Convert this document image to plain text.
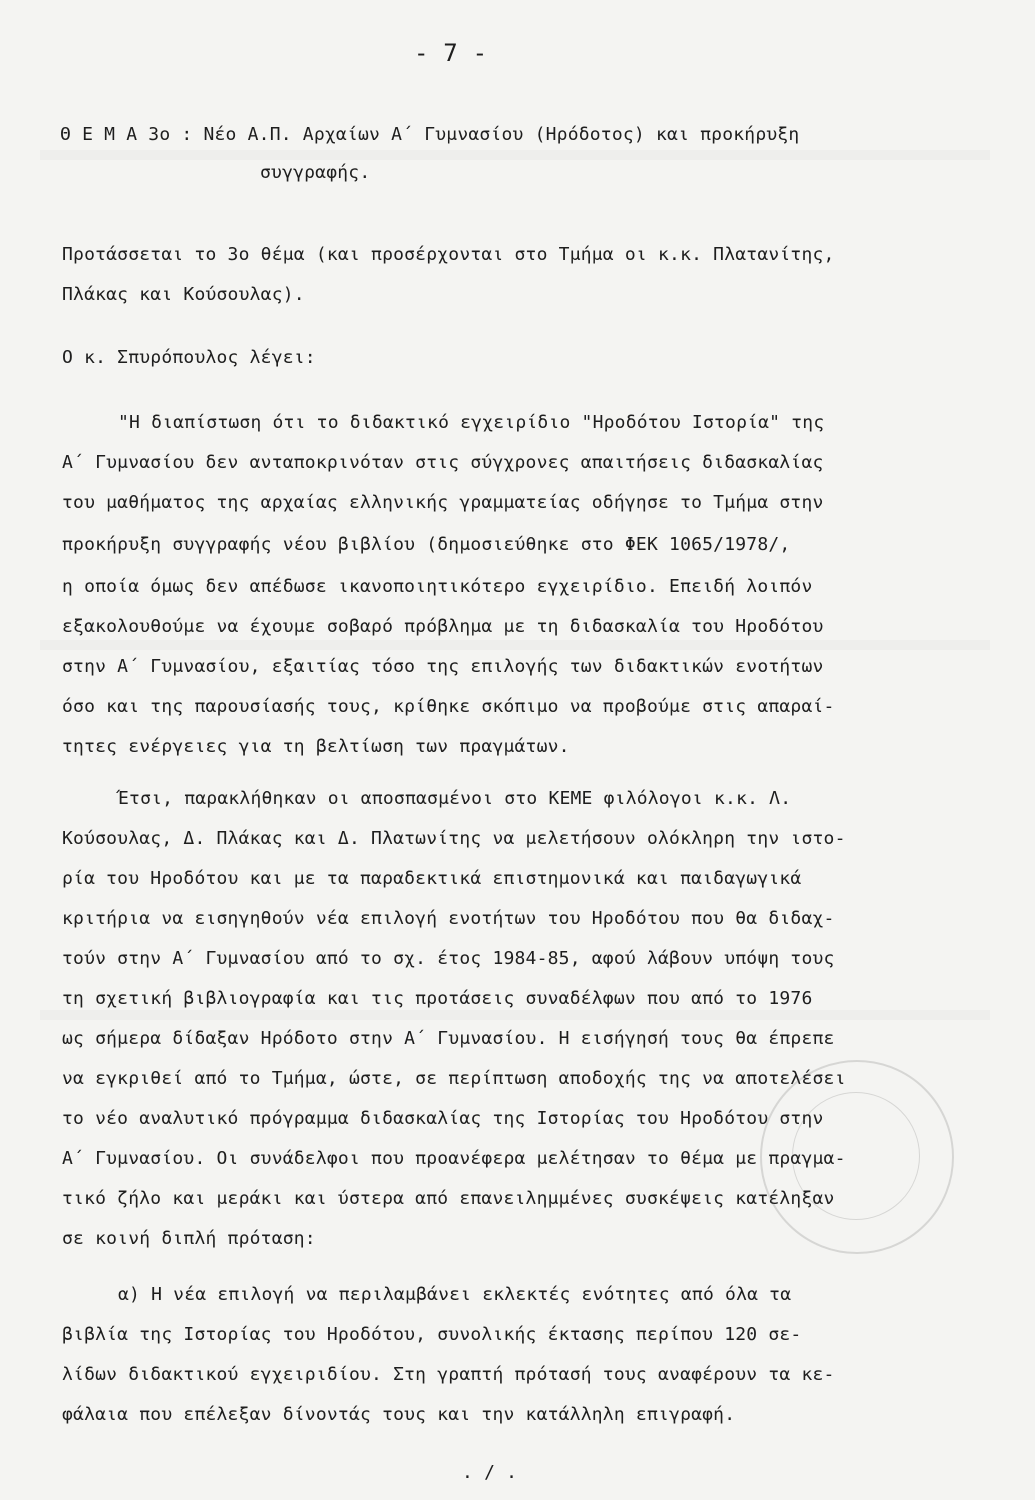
- 7 -
Θ Ε Μ Α 3ο : Νέο Α.Π. Αρχαίων Α΄ Γυμνασίου (Ηρόδοτος) και προκήρυξη
συγγραφής.
Προτάσσεται το 3ο θέμα (και προσέρχονται στο Τμήμα οι κ.κ. Πλατανίτης,
Πλάκας και Κούσουλας).
Ο κ. Σπυρόπουλος λέγει:
"Η διαπίστωση ότι το διδακτικό εγχειρίδιο "Ηροδότου Ιστορία" της
Α΄ Γυμνασίου δεν ανταποκρινόταν στις σύγχρονες απαιτήσεις διδασκαλίας
του μαθήματος της αρχαίας ελληνικής γραμματείας οδήγησε το Τμήμα στην
προκήρυξη συγγραφής νέου βιβλίου (δημοσιεύθηκε στο ΦΕΚ 1065/1978/,
η οποία όμως δεν απέδωσε ικανοποιητικότερο εγχειρίδιο. Επειδή λοιπόν
εξακολουθούμε να έχουμε σοβαρό πρόβλημα με τη διδασκαλία του Ηροδότου
στην Α΄ Γυμνασίου, εξαιτίας τόσο της επιλογής των διδακτικών ενοτήτων
όσο και της παρουσίασής τους, κρίθηκε σκόπιμο να προβούμε στις απαραί-
τητες ενέργειες για τη βελτίωση των πραγμάτων.
Έτσι, παρακλήθηκαν οι αποσπασμένοι στο ΚΕΜΕ φιλόλογοι κ.κ. Λ.
Κούσουλας, Δ. Πλάκας και Δ. Πλατωνίτης να μελετήσουν ολόκληρη την ιστο-
ρία του Ηροδότου και με τα παραδεκτικά επιστημονικά και παιδαγωγικά
κριτήρια να εισηγηθούν νέα επιλογή ενοτήτων του Ηροδότου που θα διδαχ-
τούν στην Α΄ Γυμνασίου από το σχ. έτος 1984-85, αφού λάβουν υπόψη τους
τη σχετική βιβλιογραφία και τις προτάσεις συναδέλφων που από το 1976
ως σήμερα δίδαξαν Ηρόδοτο στην Α΄ Γυμνασίου. Η εισήγησή τους θα έπρεπε
να εγκριθεί από το Τμήμα, ώστε, σε περίπτωση αποδοχής της να αποτελέσει
το νέο αναλυτικό πρόγραμμα διδασκαλίας της Ιστορίας του Ηροδότου στην
Α΄ Γυμνασίου. Οι συνάδελφοι που προανέφερα μελέτησαν το θέμα με πραγμα-
τικό ζήλο και μεράκι και ύστερα από επανειλημμένες συσκέψεις κατέληξαν
σε κοινή διπλή πρόταση:
α) Η νέα επιλογή να περιλαμβάνει εκλεκτές ενότητες από όλα τα
βιβλία της Ιστορίας του Ηροδότου, συνολικής έκτασης περίπου 120 σε-
λίδων διδακτικού εγχειριδίου. Στη γραπτή πρότασή τους αναφέρουν τα κε-
φάλαια που επέλεξαν δίνοντάς τους και την κατάλληλη επιγραφή.
. / .
